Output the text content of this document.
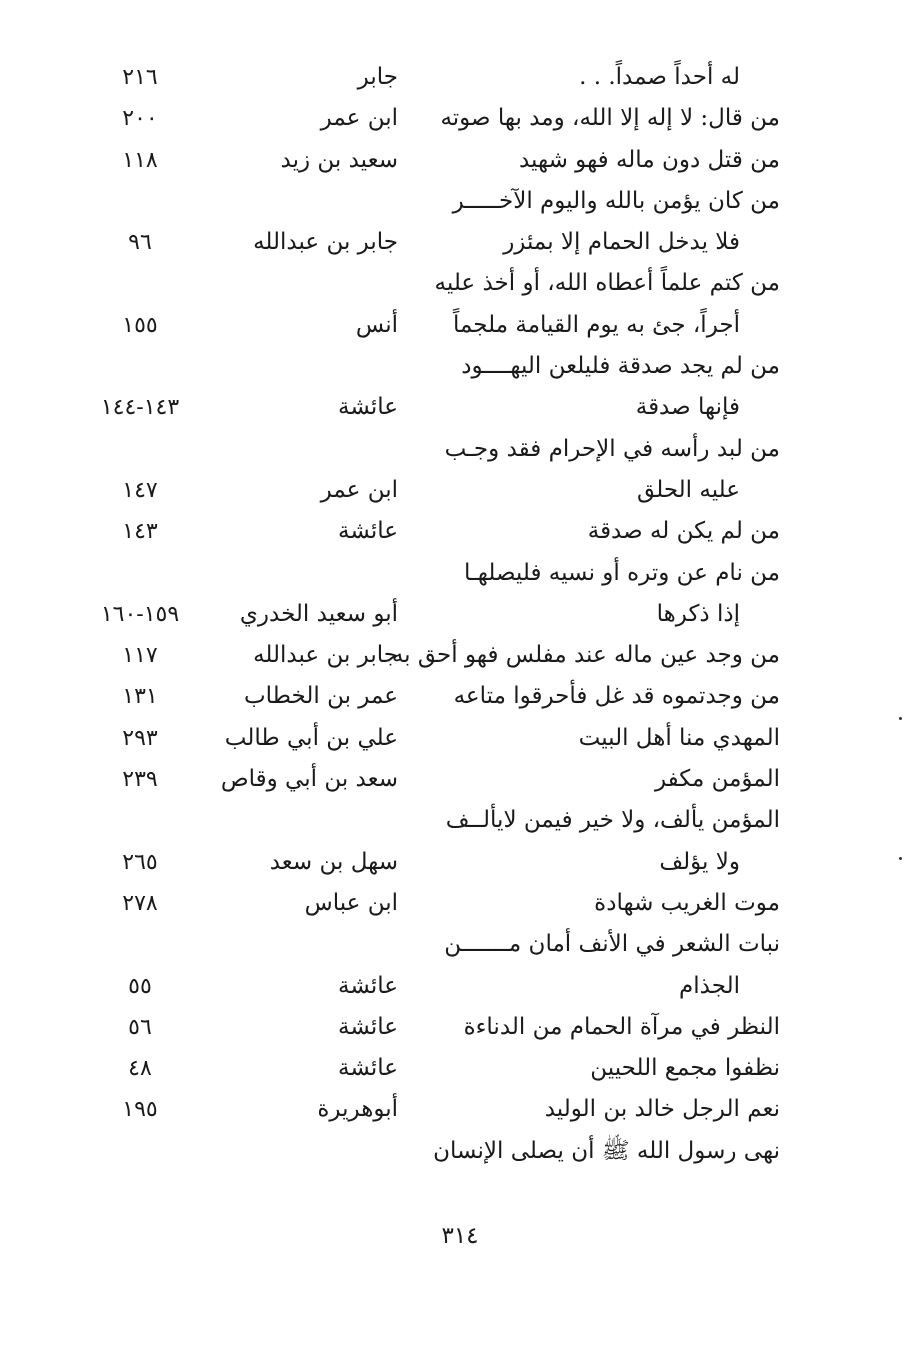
له أحداً صمداً. . .
جابر
٢١٦
من قال: لا إله إلا الله، ومد بها صوته
ابن عمر
٢٠٠
من قتل دون ماله فهو شهيد
سعيد بن زيد
١١٨
من كان يؤمن بالله واليوم الآخـــــر
فلا يدخل الحمام إلا بمئزر
جابر بن عبدالله
٩٦
من كتم علماً أعطاه الله، أو أخذ عليه
أجراً، جئ به يوم القيامة ملجماً
أنس
١٥٥
من لم يجد صدقة فليلعن اليهــــود
فإنها صدقة
عائشة
١٤٣-١٤٤
من لبد رأسه في الإحرام فقد وجـب
عليه الحلق
ابن عمر
١٤٧
من لم يكن له صدقة
عائشة
١٤٣
من نام عن وتره أو نسيه فليصلهـا
إذا ذكرها
أبو سعيد الخدري
١٥٩-١٦٠
من وجد عين ماله عند مفلس فهو أحق به
جابر بن عبدالله
١١٧
من وجدتموه قد غل فأحرقوا متاعه
عمر بن الخطاب
١٣١
المهدي منا أهل البيت
علي بن أبي طالب
٢٩٣
المؤمن مكفر
سعد بن أبي وقاص
٢٣٩
المؤمن يألف، ولا خير فيمن لايألــف
ولا يؤلف
سهل بن سعد
٢٦٥
موت الغريب شهادة
ابن عباس
٢٧٨
نبات الشعر في الأنف أمان مـــــــن
الجذام
عائشة
٥٥
النظر في مرآة الحمام من الدناءة
عائشة
٥٦
نظفوا مجمع اللحيين
عائشة
٤٨
نعم الرجل خالد بن الوليد
أبوهريرة
١٩٥
نهى رسول الله ﷺ أن يصلى الإنسان
٣١٤
